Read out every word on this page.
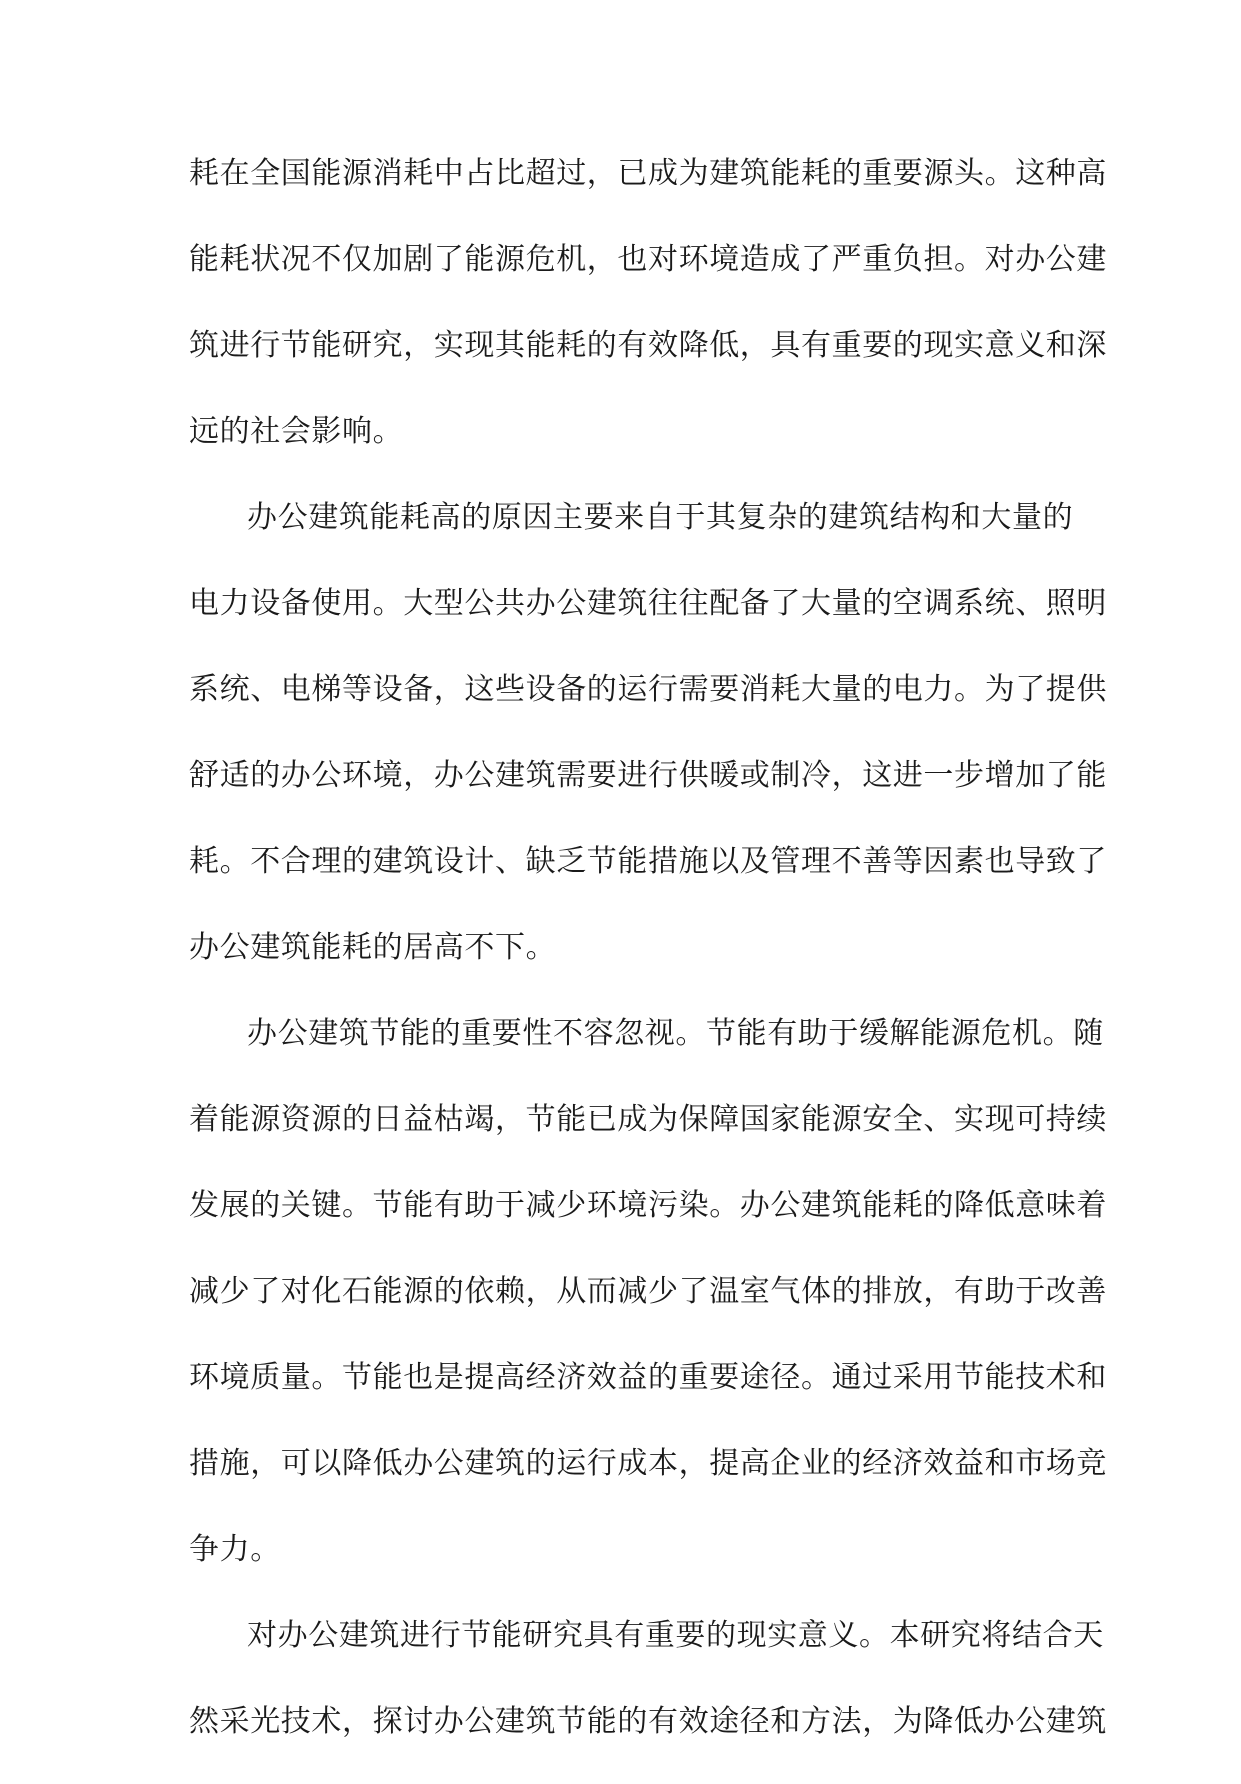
耗在全国能源消耗中占比超过，已成为建筑能耗的重要源头。这种高
能耗状况不仅加剧了能源危机，也对环境造成了严重负担。对办公建
筑进行节能研究，实现其能耗的有效降低，具有重要的现实意义和深
远的社会影响。
办公建筑能耗高的原因主要来自于其复杂的建筑结构和大量的
电力设备使用。大型公共办公建筑往往配备了大量的空调系统、照明
系统、电梯等设备，这些设备的运行需要消耗大量的电力。为了提供
舒适的办公环境，办公建筑需要进行供暖或制冷，这进一步增加了能
耗。不合理的建筑设计、缺乏节能措施以及管理不善等因素也导致了
办公建筑能耗的居高不下。
办公建筑节能的重要性不容忽视。节能有助于缓解能源危机。随
着能源资源的日益枯竭，节能已成为保障国家能源安全、实现可持续
发展的关键。节能有助于减少环境污染。办公建筑能耗的降低意味着
减少了对化石能源的依赖，从而减少了温室气体的排放，有助于改善
环境质量。节能也是提高经济效益的重要途径。通过采用节能技术和
措施，可以降低办公建筑的运行成本，提高企业的经济效益和市场竞
争力。
对办公建筑进行节能研究具有重要的现实意义。本研究将结合天
然采光技术，探讨办公建筑节能的有效途径和方法，为降低办公建筑
